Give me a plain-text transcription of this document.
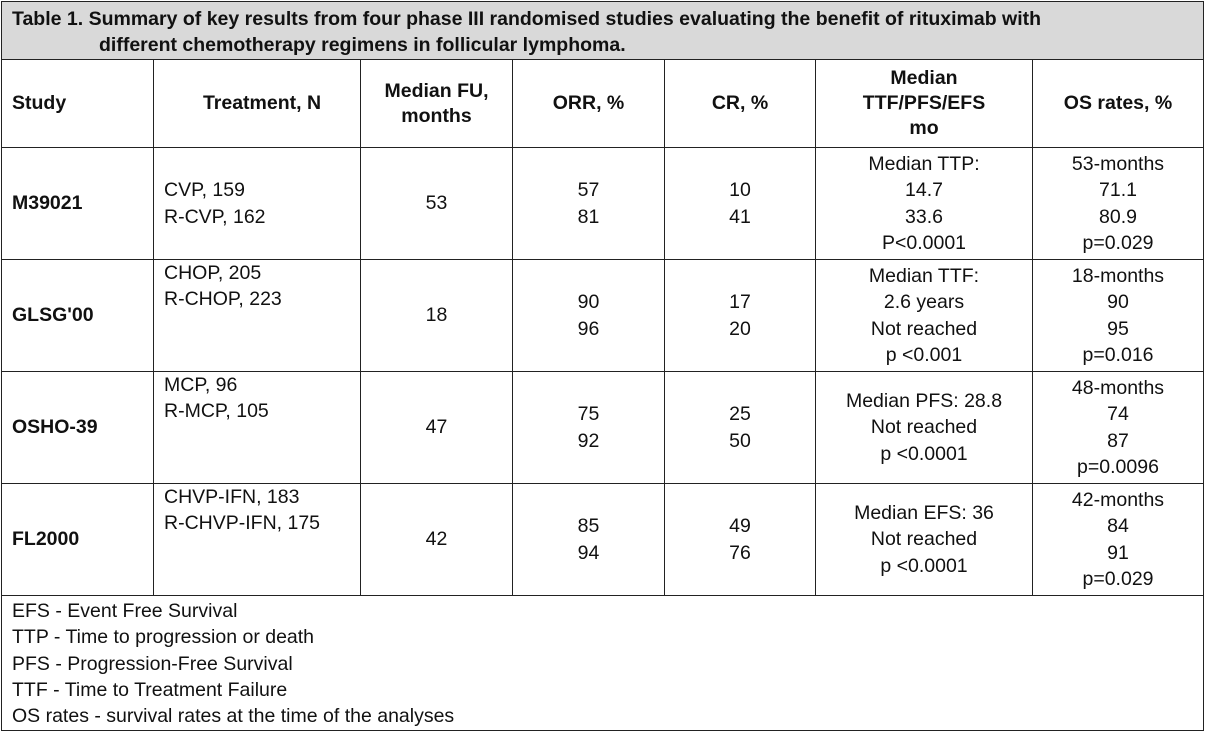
Table 1. Summary of key results from four phase III randomised studies evaluating the benefit of rituximab with
different chemotherapy regimens in follicular lymphoma.
Study	Treatment, N
Median FU,
months
ORR, %	CR, %
Median
TTF/PFS/EFS
mo
OS rates, %
M39021
CVP, 159
R-CVP, 162
53
57
81
10
41
Median TTP:
14.7
33.6
P<0.0001
53-months
71.1
80.9
p=0.029
GLSG'00
CHOP, 205
R-CHOP, 223
18
90
96
17
20
Median TTF:
2.6 years
Not reached
p <0.001
18-months
90
95
p=0.016
OSHO-39
MCP, 96
R-MCP, 105
47
75
92
25
50
Median PFS: 28.8
Not reached
p <0.0001
48-months
74
87
p=0.0096
FL2000
CHVP-IFN, 183
R-CHVP-IFN, 175
42
85
94
49
76
Median EFS: 36
Not reached
p <0.0001
42-months
84
91
p=0.029
EFS - Event Free Survival
TTP - Time to progression or death
PFS - Progression-Free Survival
TTF - Time to Treatment Failure
OS rates - survival rates at the time of the analyses
